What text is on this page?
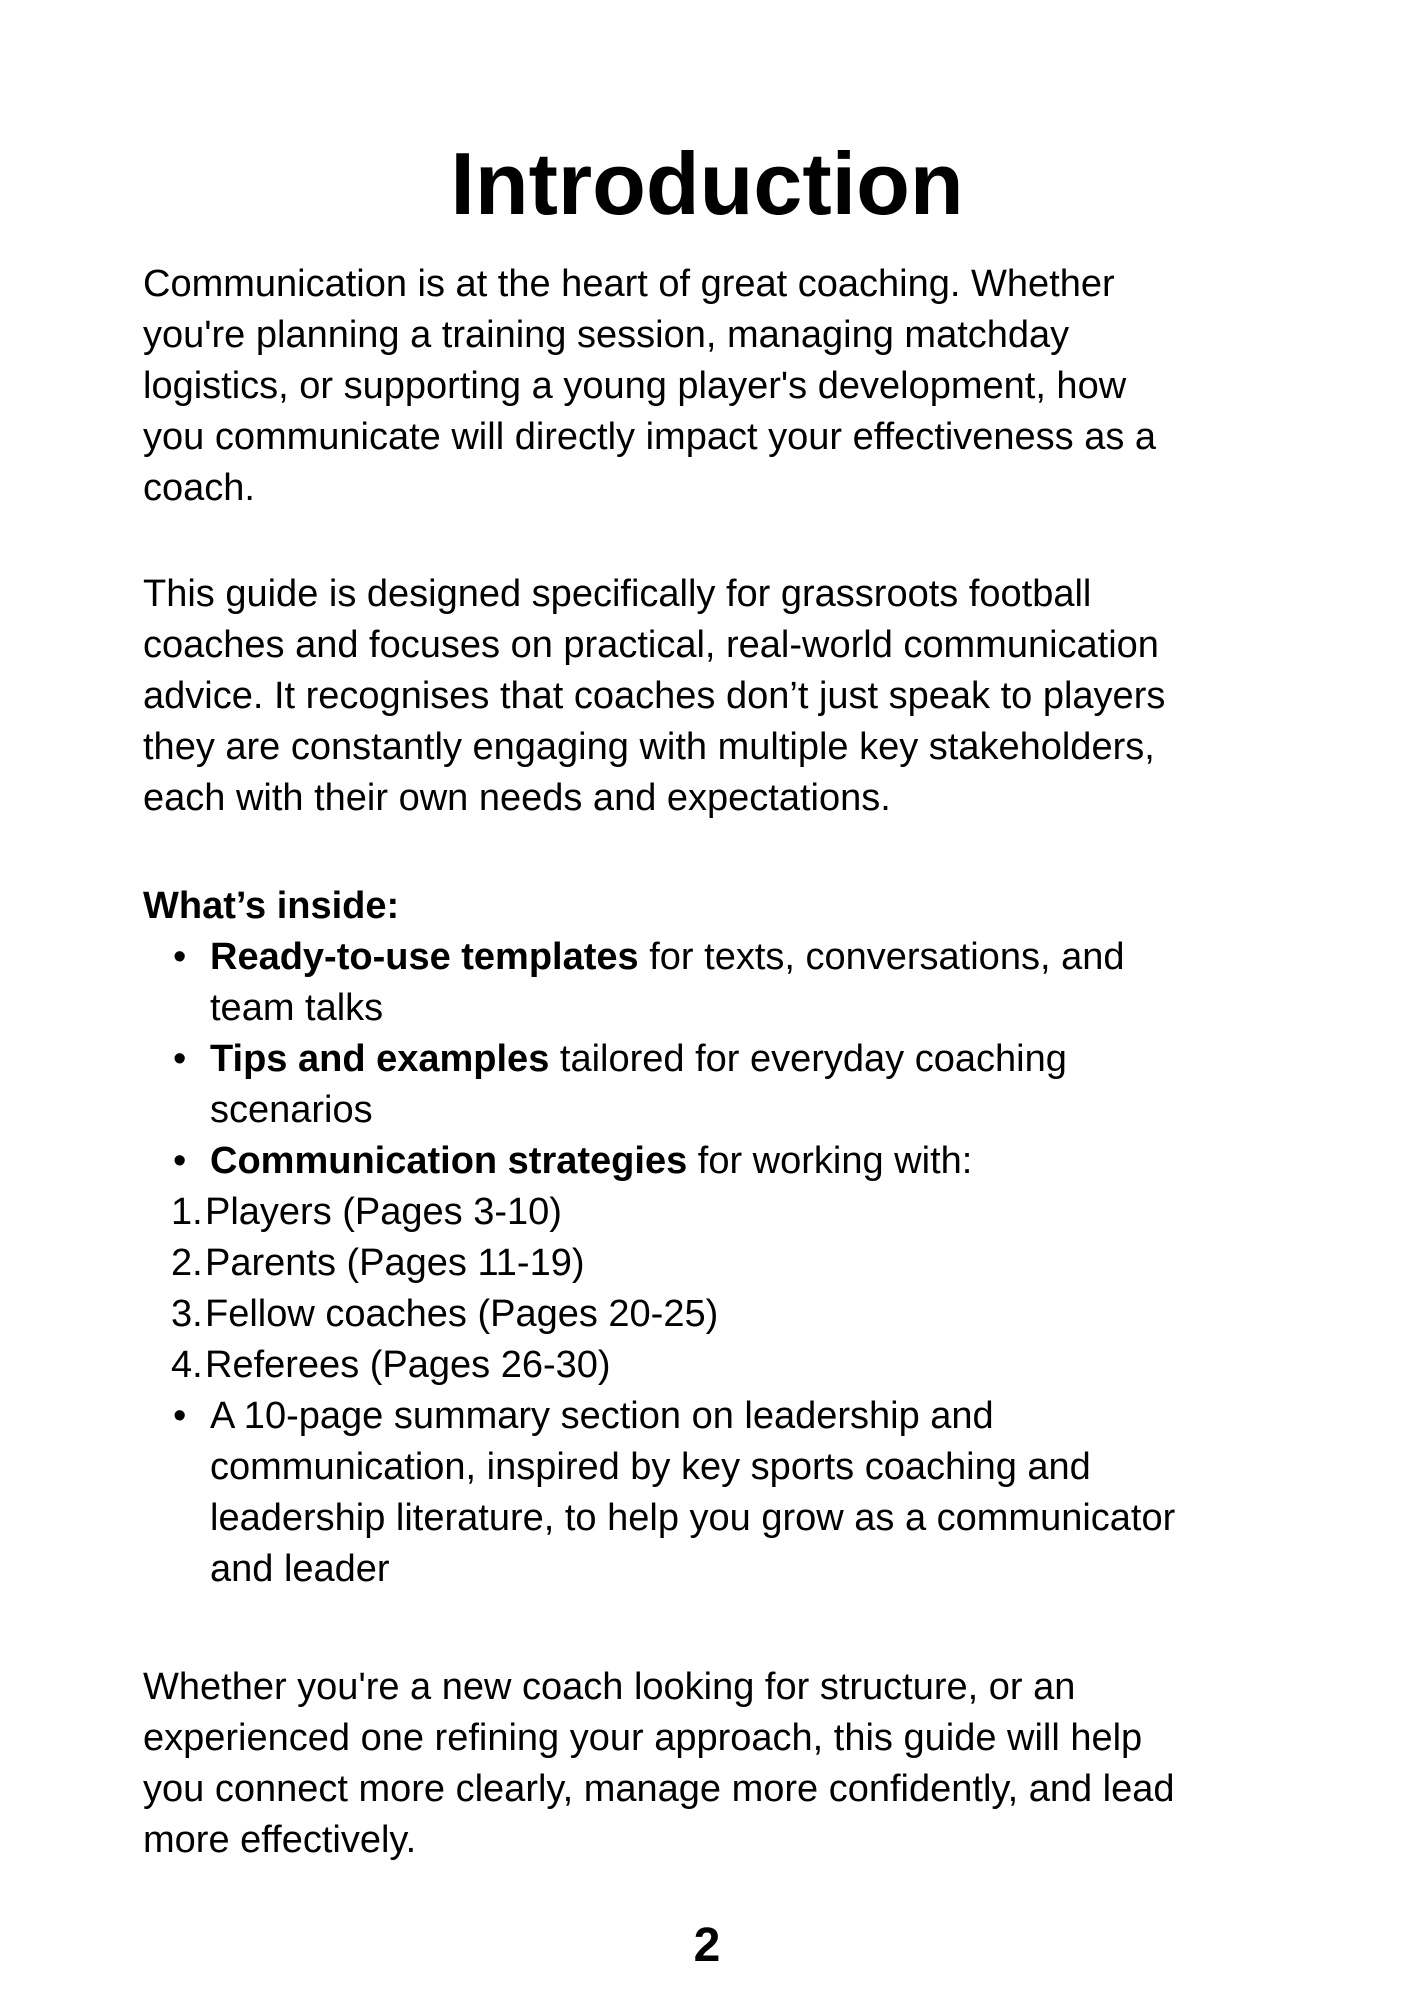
Introduction

Communication is at the heart of great coaching. Whether you're planning a training session, managing matchday logistics, or supporting a young player's development, how you communicate will directly impact your effectiveness as a coach.

This guide is designed specifically for grassroots football coaches and focuses on practical, real-world communication advice. It recognises that coaches don’t just speak to players they are constantly engaging with multiple key stakeholders, each with their own needs and expectations.

What’s inside:
• Ready-to-use templates for texts, conversations, and team talks
• Tips and examples tailored for everyday coaching scenarios
• Communication strategies for working with:
1. Players (Pages 3-10)
2. Parents (Pages 11-19)
3. Fellow coaches (Pages 20-25)
4. Referees (Pages 26-30)
• A 10-page summary section on leadership and communication, inspired by key sports coaching and leadership literature, to help you grow as a communicator and leader

Whether you're a new coach looking for structure, or an experienced one refining your approach, this guide will help you connect more clearly, manage more confidently, and lead more effectively.

2
